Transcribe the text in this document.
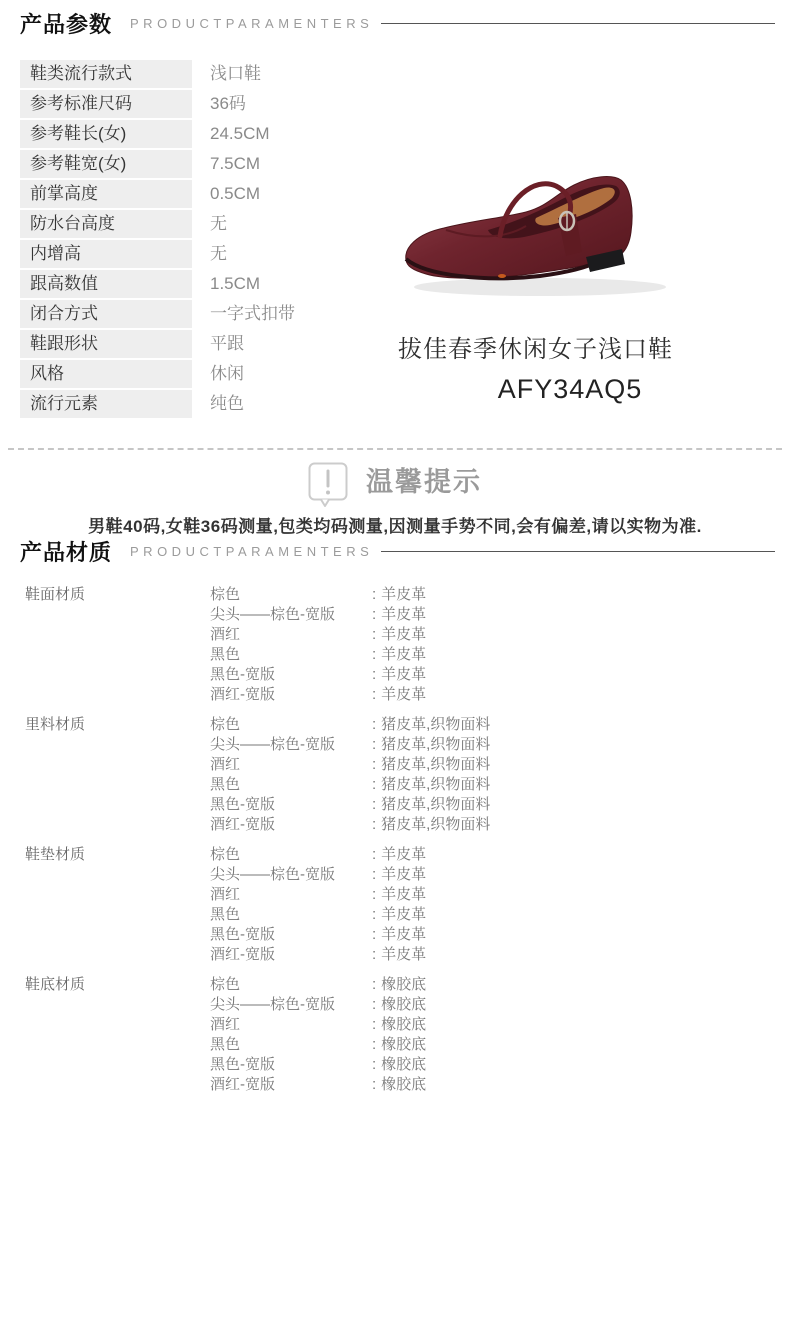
产品参数 PRODUCTPARAMENTERS
鞋类流行款式	浅口鞋
参考标准尺码	36码
参考鞋长(女)	24.5CM
参考鞋宽(女)	7.5CM
前掌高度	0.5CM
防水台高度	无
内增高	无
跟高数值	1.5CM
闭合方式	一字式扣带
鞋跟形状	平跟
风格	休闲
流行元素	纯色
拔佳春季休闲女子浅口鞋
AFY34AQ5
温馨提示
男鞋40码,女鞋36码测量,包类均码测量,因测量手势不同,会有偏差,请以实物为准.
产品材质 PRODUCTPARAMENTERS
鞋面材质	棕色	: 羊皮革
尖头——棕色-宽版	: 羊皮革
酒红	: 羊皮革
黑色	: 羊皮革
黑色-宽版	: 羊皮革
酒红-宽版	: 羊皮革
里料材质	棕色	: 猪皮革,织物面料
尖头——棕色-宽版	: 猪皮革,织物面料
酒红	: 猪皮革,织物面料
黑色	: 猪皮革,织物面料
黑色-宽版	: 猪皮革,织物面料
酒红-宽版	: 猪皮革,织物面料
鞋垫材质	棕色	: 羊皮革
尖头——棕色-宽版	: 羊皮革
酒红	: 羊皮革
黑色	: 羊皮革
黑色-宽版	: 羊皮革
酒红-宽版	: 羊皮革
鞋底材质	棕色	: 橡胶底
尖头——棕色-宽版	: 橡胶底
酒红	: 橡胶底
黑色	: 橡胶底
黑色-宽版	: 橡胶底
酒红-宽版	: 橡胶底
